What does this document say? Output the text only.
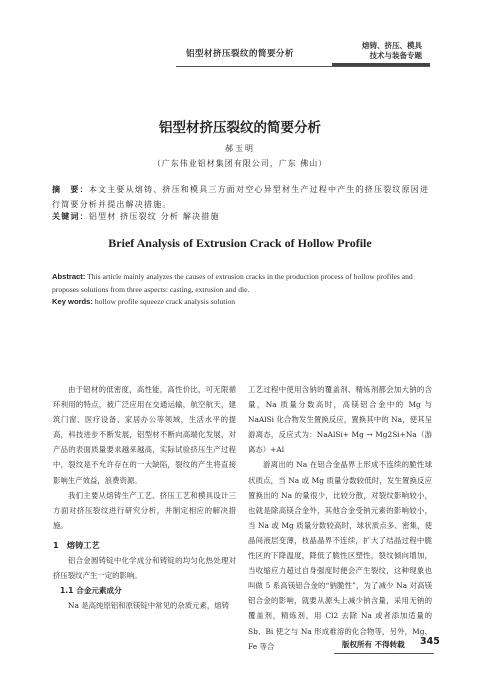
铝型材挤压裂纹的简要分析
熔铸、挤压、模具
技术与装备专题
铝型材挤压裂纹的简要分析
郝玉明
（广东伟业铝材集团有限公司，广东 佛山）
摘　要：本文主要从熔铸、挤压和模具三方面对空心异型材生产过程中产生的挤压裂纹原因进行简要分析并提出解决措施。
关键词：铝型材 挤压裂纹 分析 解决措施
Brief Analysis of Extrusion Crack of Hollow Profile
Abstract: This article mainly analyzes the causes of extrusion cracks in the production process of hollow profiles and proposes solutions from three aspects: casting, extrusion and die.
Key words: hollow profile squeeze crack analysis solution

由于铝材的低密度，高性能，高性价比，可无限循环利用的特点，被广泛应用在交通运输，航空航天，建筑门窗、医疗设备、家居办公等领域，生活水平的提高，科技进步不断发展，铝型材不断向高端化发展，对产品的表面质量要求越来越高，实际试验挤压生产过程中，裂纹是不允许存在的一大缺陷，裂纹的产生将直接影响生产效益，浪费资源。

我们主要从熔铸生产工艺、挤压工艺和模具设计三方面对挤压裂纹进行研究分析，并制定相应的解决措施。

1　熔铸工艺

铝合金圆铸锭中化学成分和铸锭的均匀化热处理对挤压裂纹产生一定的影响。

1.1 合金元素成分

Na 是高纯原铝和原镁锭中常见的杂质元素，熔铸

工艺过程中使用含钠的覆盖剂、精炼剂都会加大钠的含量，Na 质量分数高时，高镁铝合金中的 Mg 与 NaAlSi 化合物发生置换反应，置换其中的 Na，使其呈游离态，反应式为：NaAlSi+ Mg → Mg2Si+Na（游离态）+Al

游离出的 Na 在铝合金晶界上形成不连续的脆性球状质点，当 Na 或 Mg 质量分数较低时，发生置换反应置换出的 Na 的量很少，比较分散，对裂纹影响较小，也就是除高镁合金外，其他合金受钠元素的影响较小，当 Na 或 Mg 质量分数较高时，球状质点多、密集，使晶间液层变薄，枝晶晶界不连续，扩大了结晶过程中脆性区的下降温度，降低了脆性区塑性，裂纹倾向增加，当收缩应力超过自身强度时便会产生裂纹，这种现象也叫做 5 系高镁铝合金的“钠脆性”，为了减少 Na 对高镁铝合金的影响，就要从源头上减少钠含量，采用无钠的覆盖剂，精炼剂，用 Cl2 去除 Na 或者添加适量的 Sb、Bi 使之与 Na 形成难溶的化合物等，另外，Mg、Fe 等合	版权所有 不得转载 345
